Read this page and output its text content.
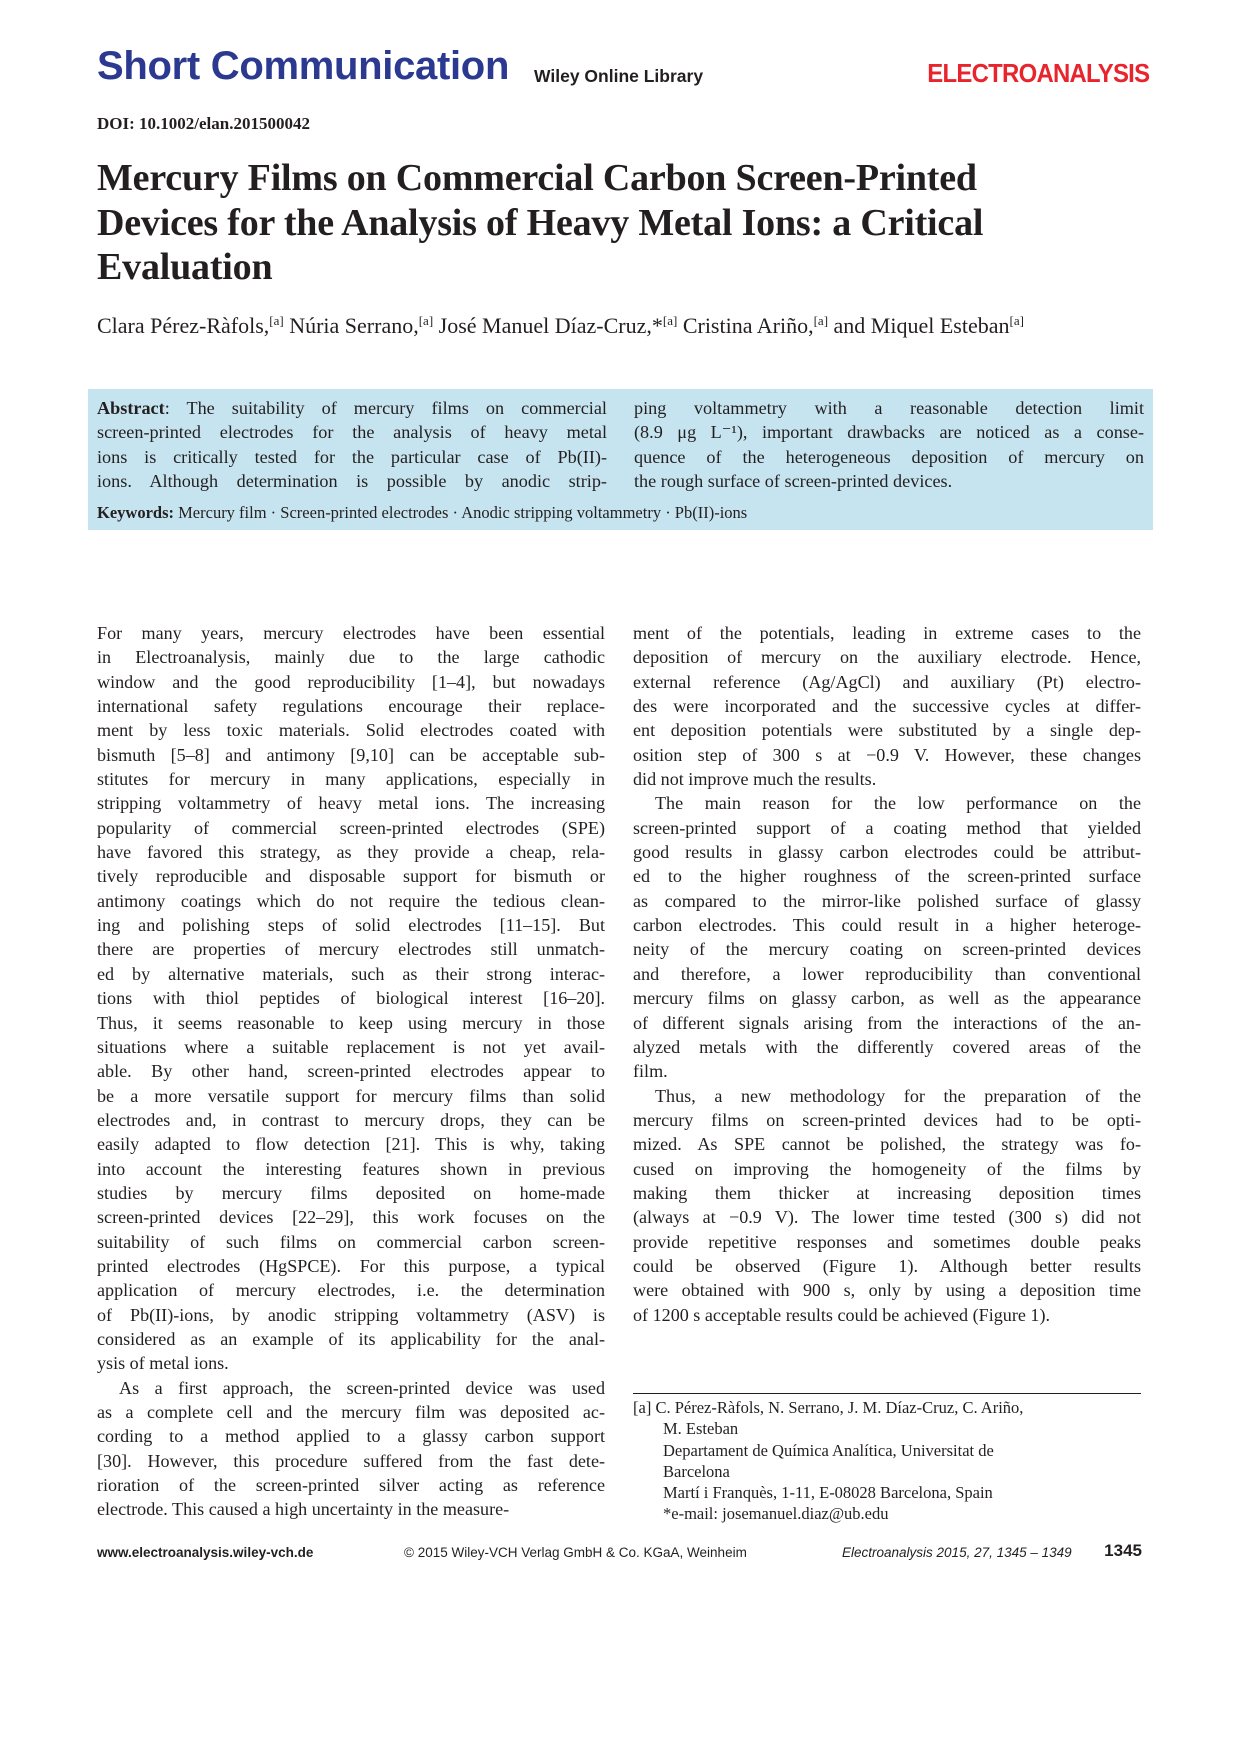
Short Communication Wiley Online Library	ELECTROANALYSIS
DOI: 10.1002/elan.201500042
Mercury Films on Commercial Carbon Screen-Printed
Devices for the Analysis of Heavy Metal Ions: a Critical
Evaluation
Clara Pérez-Ràfols,[a] Núria Serrano,[a] José Manuel Díaz-Cruz,*[a] Cristina Ariño,[a] and Miquel Esteban[a]
Abstract: The suitability of mercury films on commercial
screen-printed electrodes for the analysis of heavy metal
ions is critically tested for the particular case of Pb(II)-
ions. Although determination is possible by anodic strip-
ping voltammetry with a reasonable detection limit
(8.9 μg L⁻¹), important drawbacks are noticed as a conse-
quence of the heterogeneous deposition of mercury on
the rough surface of screen-printed devices.
Keywords: Mercury film · Screen-printed electrodes · Anodic stripping voltammetry · Pb(II)-ions
For many years, mercury electrodes have been essential
in Electroanalysis, mainly due to the large cathodic
window and the good reproducibility [1–4], but nowadays
international safety regulations encourage their replace-
ment by less toxic materials. Solid electrodes coated with
bismuth [5–8] and antimony [9,10] can be acceptable sub-
stitutes for mercury in many applications, especially in
stripping voltammetry of heavy metal ions. The increasing
popularity of commercial screen-printed electrodes (SPE)
have favored this strategy, as they provide a cheap, rela-
tively reproducible and disposable support for bismuth or
antimony coatings which do not require the tedious clean-
ing and polishing steps of solid electrodes [11–15]. But
there are properties of mercury electrodes still unmatch-
ed by alternative materials, such as their strong interac-
tions with thiol peptides of biological interest [16–20].
Thus, it seems reasonable to keep using mercury in those
situations where a suitable replacement is not yet avail-
able. By other hand, screen-printed electrodes appear to
be a more versatile support for mercury films than solid
electrodes and, in contrast to mercury drops, they can be
easily adapted to flow detection [21]. This is why, taking
into account the interesting features shown in previous
studies by mercury films deposited on home-made
screen-printed devices [22–29], this work focuses on the
suitability of such films on commercial carbon screen-
printed electrodes (HgSPCE). For this purpose, a typical
application of mercury electrodes, i.e. the determination
of Pb(II)-ions, by anodic stripping voltammetry (ASV) is
considered as an example of its applicability for the anal-
ysis of metal ions.
As a first approach, the screen-printed device was used
as a complete cell and the mercury film was deposited ac-
cording to a method applied to a glassy carbon support
[30]. However, this procedure suffered from the fast dete-
rioration of the screen-printed silver acting as reference
electrode. This caused a high uncertainty in the measure-
ment of the potentials, leading in extreme cases to the
deposition of mercury on the auxiliary electrode. Hence,
external reference (Ag/AgCl) and auxiliary (Pt) electro-
des were incorporated and the successive cycles at differ-
ent deposition potentials were substituted by a single dep-
osition step of 300 s at −0.9 V. However, these changes
did not improve much the results.
The main reason for the low performance on the
screen-printed support of a coating method that yielded
good results in glassy carbon electrodes could be attribut-
ed to the higher roughness of the screen-printed surface
as compared to the mirror-like polished surface of glassy
carbon electrodes. This could result in a higher heteroge-
neity of the mercury coating on screen-printed devices
and therefore, a lower reproducibility than conventional
mercury films on glassy carbon, as well as the appearance
of different signals arising from the interactions of the an-
alyzed metals with the differently covered areas of the
film.
Thus, a new methodology for the preparation of the
mercury films on screen-printed devices had to be opti-
mized. As SPE cannot be polished, the strategy was fo-
cused on improving the homogeneity of the films by
making them thicker at increasing deposition times
(always at −0.9 V). The lower time tested (300 s) did not
provide repetitive responses and sometimes double peaks
could be observed (Figure 1). Although better results
were obtained with 900 s, only by using a deposition time
of 1200 s acceptable results could be achieved (Figure 1).
[a] C. Pérez-Ràfols, N. Serrano, J. M. Díaz-Cruz, C. Ariño,
M. Esteban
Departament de Química Analítica, Universitat de
Barcelona
Martí i Franquès, 1-11, E-08028 Barcelona, Spain
*e-mail: josemanuel.diaz@ub.edu
www.electroanalysis.wiley-vch.de	© 2015 Wiley-VCH Verlag GmbH & Co. KGaA, Weinheim	Electroanalysis 2015, 27, 1345 – 1349 1345
